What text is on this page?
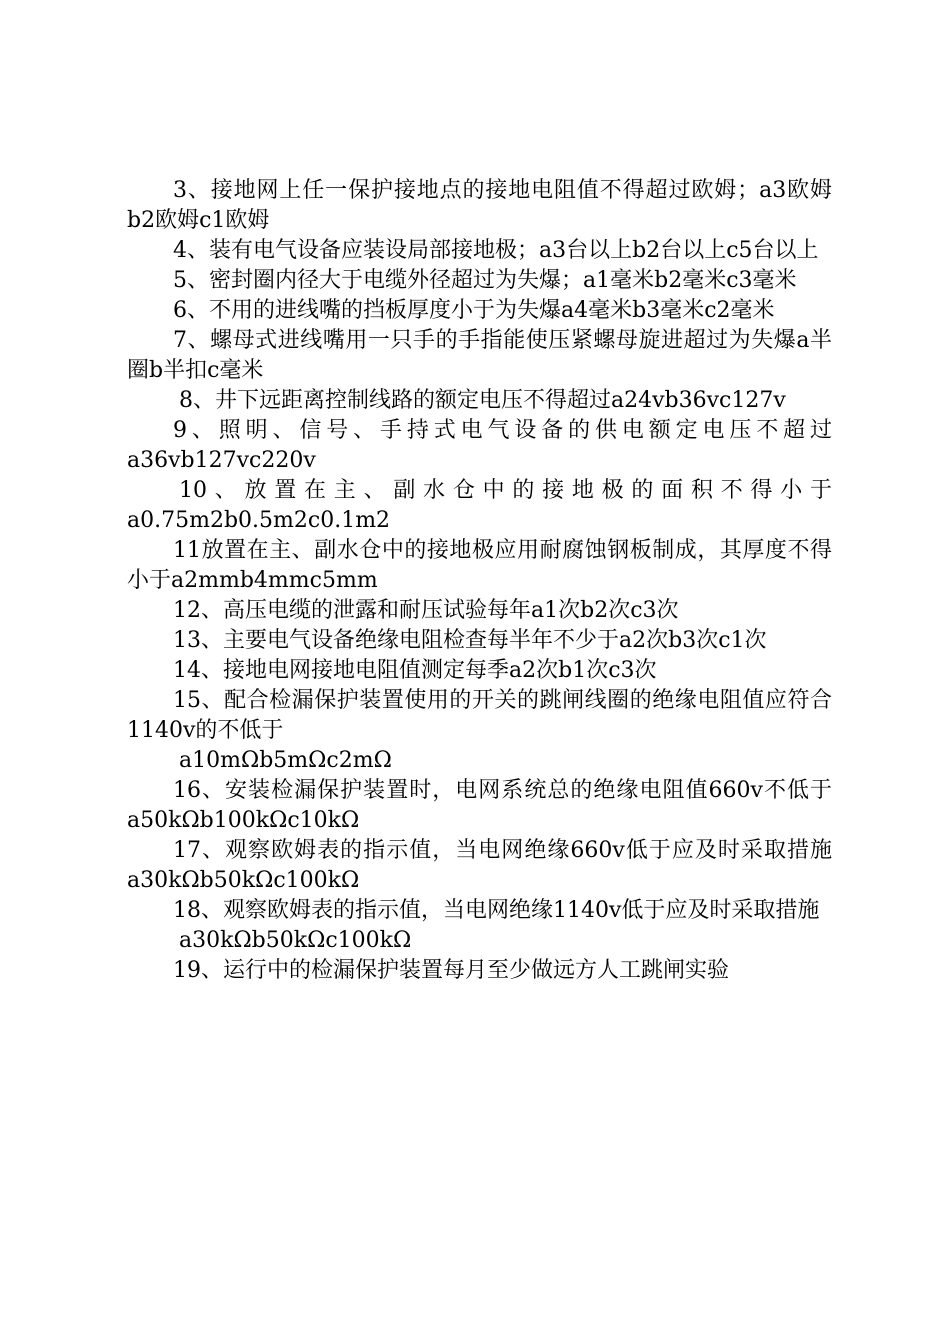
3、接地网上任一保护接地点的接地电阻值不得超过欧姆；a3欧姆b2欧姆c1欧姆

4、装有电气设备应装设局部接地极；a3台以上b2台以上c5台以上

5、密封圈内径大于电缆外径超过为失爆；a1毫米b2毫米c3毫米

6、不用的进线嘴的挡板厚度小于为失爆a4毫米b3毫米c2毫米

7、螺母式进线嘴用一只手的手指能使压紧螺母旋进超过为失爆a半圈b半扣c毫米

8、井下远距离控制线路的额定电压不得超过a24vb36vc127v

9、照明、信号、手持式电气设备的供电额定电压不超过a36vb127vc220v

10、放置在主、副水仓中的接地极的面积不得小于a0.75m2b0.5m2c0.1m2

11放置在主、副水仓中的接地极应用耐腐蚀钢板制成，其厚度不得小于a2mmb4mmc5mm

12、高压电缆的泄露和耐压试验每年a1次b2次c3次

13、主要电气设备绝缘电阻检查每半年不少于a2次b3次c1次

14、接地电网接地电阻值测定每季a2次b1次c3次

15、配合检漏保护装置使用的开关的跳闸线圈的绝缘电阻值应符合1140v的不低于

a10mΩb5mΩc2mΩ

16、安装检漏保护装置时，电网系统总的绝缘电阻值660v不低于a50kΩb100kΩc10kΩ

17、观察欧姆表的指示值，当电网绝缘660v低于应及时采取措施a30kΩb50kΩc100kΩ

18、观察欧姆表的指示值，当电网绝缘1140v低于应及时采取措施

a30kΩb50kΩc100kΩ

19、运行中的检漏保护装置每月至少做远方人工跳闸实验
